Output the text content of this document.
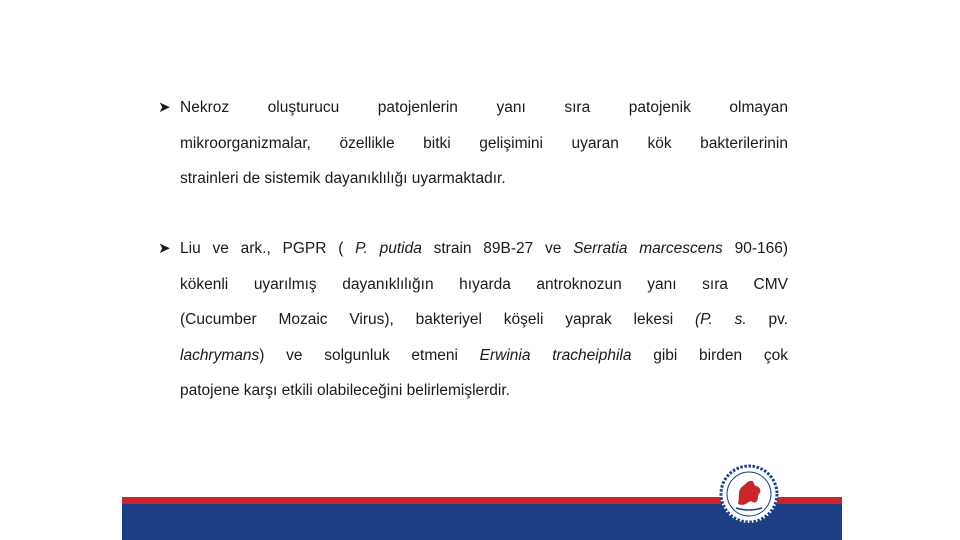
➤ Nekroz oluşturucu patojenlerin yanı sıra patojenik olmayan
mikroorganizmalar, özellikle bitki gelişimini uyaran kök bakterilerinin
strainleri de sistemik dayanıklılığı uyarmaktadır.
➤ Liu ve ark., PGPR ( P. putida strain 89B-27 ve Serratia marcescens 90-166)
kökenli uyarılmış dayanıklılığın hıyarda antroknozun yanı sıra CMV
(Cucumber Mozaic Virus), bakteriyel köşeli yaprak lekesi (P. s. pv.
lachrymans) ve solgunluk etmeni Erwinia tracheiphila gibi birden çok
patojene karşı etkili olabileceğini belirlemişlerdir.
